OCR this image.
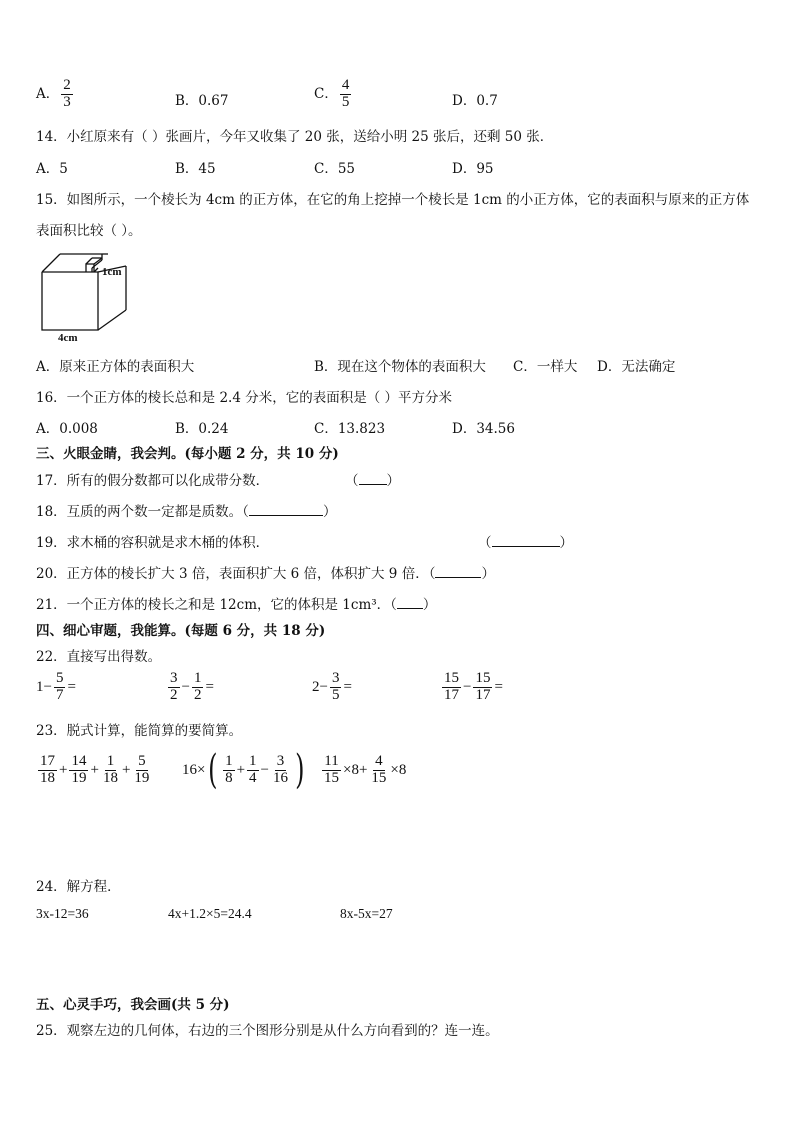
A． $\frac{2}{3}$	B．0.67	C． $\frac{4}{5}$	D．0.7
14．小红原来有（ ）张画片，今年又收集了 20 张，送给小明 25 张后，还剩 50 张．
A．5	B．45	C．55	D．95
15．如图所示，一个棱长为 4cm 的正方体，在它的角上挖掉一个棱长是 1cm 的小正方体，它的表面积与原来的正方体
表面积比较（ ）。
1cm
4cm
A．原来正方体的表面积大	B．现在这个物体的表面积大 C．一样大 D．无法确定
16．一个正方体的棱长总和是 2.4 分米，它的表面积是（ ）平方分米
A．0.008	B．0.24	C．13.823	D．34.56
三、火眼金睛，我会判。(每小题 2 分，共 10 分)
17．所有的假分数都可以化成带分数．	（ ）
18．互质的两个数一定都是质数。（	）
19．求木桶的容积就是求木桶的体积．	（	）
20．正方体的棱长扩大 3 倍，表面积扩大 6 倍，体积扩大 9 倍．（	）
21．一个正方体的棱长之和是 12cm，它的体积是 1cm³．（ ）
四、细心审题，我能算。(每题 6 分，共 18 分)
22．直接写出得数。
$1- \frac{5}{7}$ =	$\frac{3}{2} - \frac{1}{2}$ =	$2- \frac{3}{5}$ =	$\frac{15}{17} - \frac{15}{17}$ =
23．脱式计算，能简算的要简算。
$\frac{17}{18} + \frac{14}{19} + \frac{1}{18} + \frac{5}{19} 16\times$ ( $\frac{1}{8} + \frac{1}{4} - \frac{3}{16}$ ) $\frac{11}{15} \times 8+ \frac{4}{15} \times 8$
24．解方程．
3x-12=36	4x+1.2×5=24.4	8x-5x=27
五、心灵手巧，我会画(共 5 分)
25．观察左边的几何体，右边的三个图形分别是从什么方向看到的？连一连。
